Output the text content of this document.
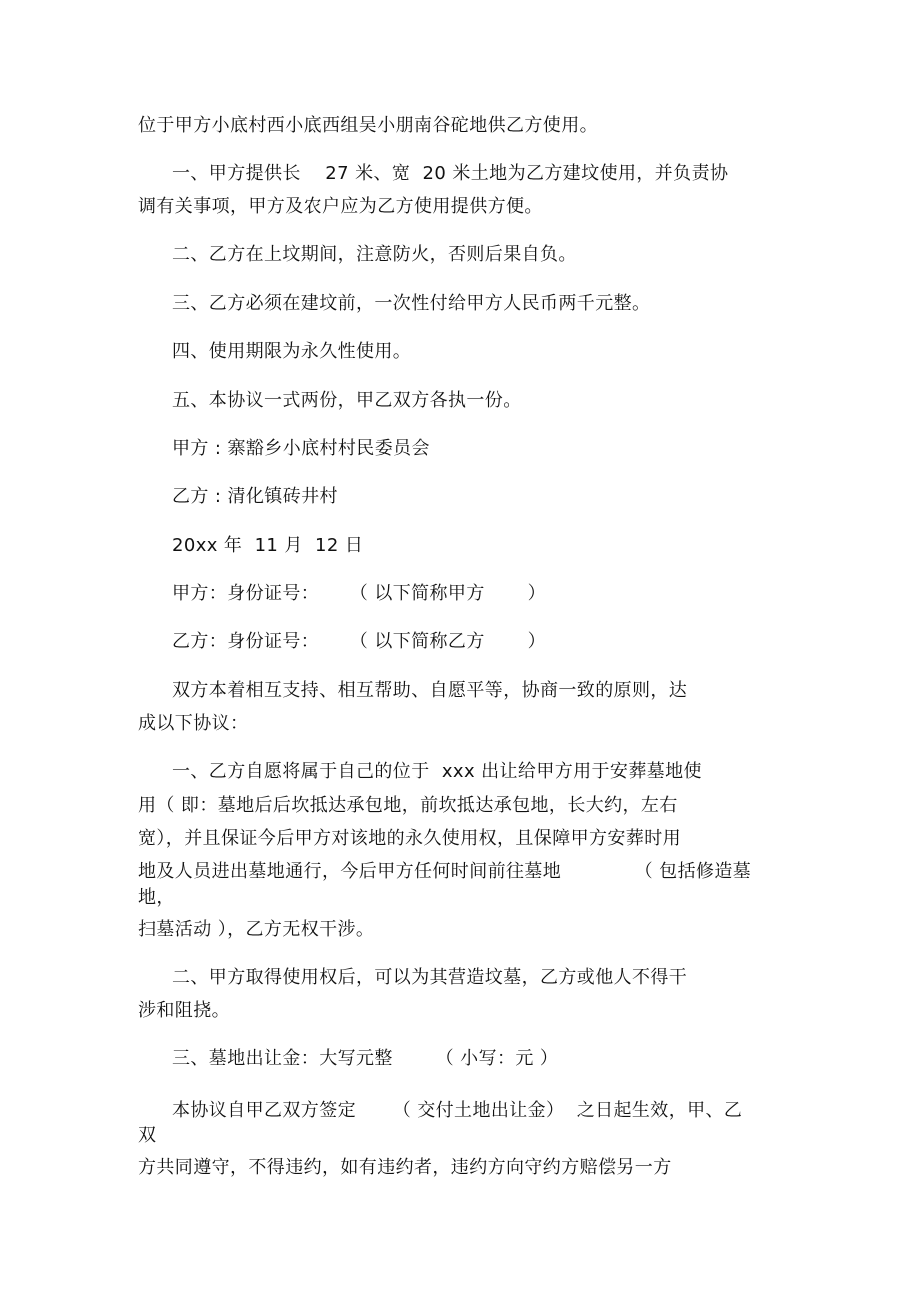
位于甲方小底村西小底西组吴小朋南谷砣地供乙方使用。
一、甲方提供长    27 米、宽  20 米土地为乙方建坟使用，并负责协
调有关事项，甲方及农户应为乙方使用提供方便。
二、乙方在上坟期间，注意防火，否则后果自负。
三、乙方必须在建坟前，一次性付给甲方人民币两千元整。
四、使用期限为永久性使用。
五、本协议一式两份，甲乙双方各执一份。
甲方 : 寨豁乡小底村村民委员会
乙方 : 清化镇砖井村
20xx 年  11 月  12 日
甲方：身份证号：     （ 以下简称甲方       ）
乙方：身份证号：     （ 以下简称乙方       ）
双方本着相互支持、相互帮助、自愿平等，协商一致的原则，达
成以下协议：
一、乙方自愿将属于自己的位于  xxx 出让给甲方用于安葬墓地使
用（ 即：墓地后后坎抵达承包地，前坎抵达承包地，长大约，左右
宽），并且保证今后甲方对该地的永久使用权，且保障甲方安葬时用
地及人员进出墓地通行，今后甲方任何时间前往墓地            （ 包括修造墓
地，
扫墓活动 ），乙方无权干涉。
二、甲方取得使用权后，可以为其营造坟墓，乙方或他人不得干
涉和阻挠。
三、墓地出让金：大写元整       （ 小写：元 ）
本协议自甲乙双方签定      （ 交付土地出让金）  之日起生效，甲、乙
双
方共同遵守，不得违约，如有违约者，违约方向守约方赔偿另一方
